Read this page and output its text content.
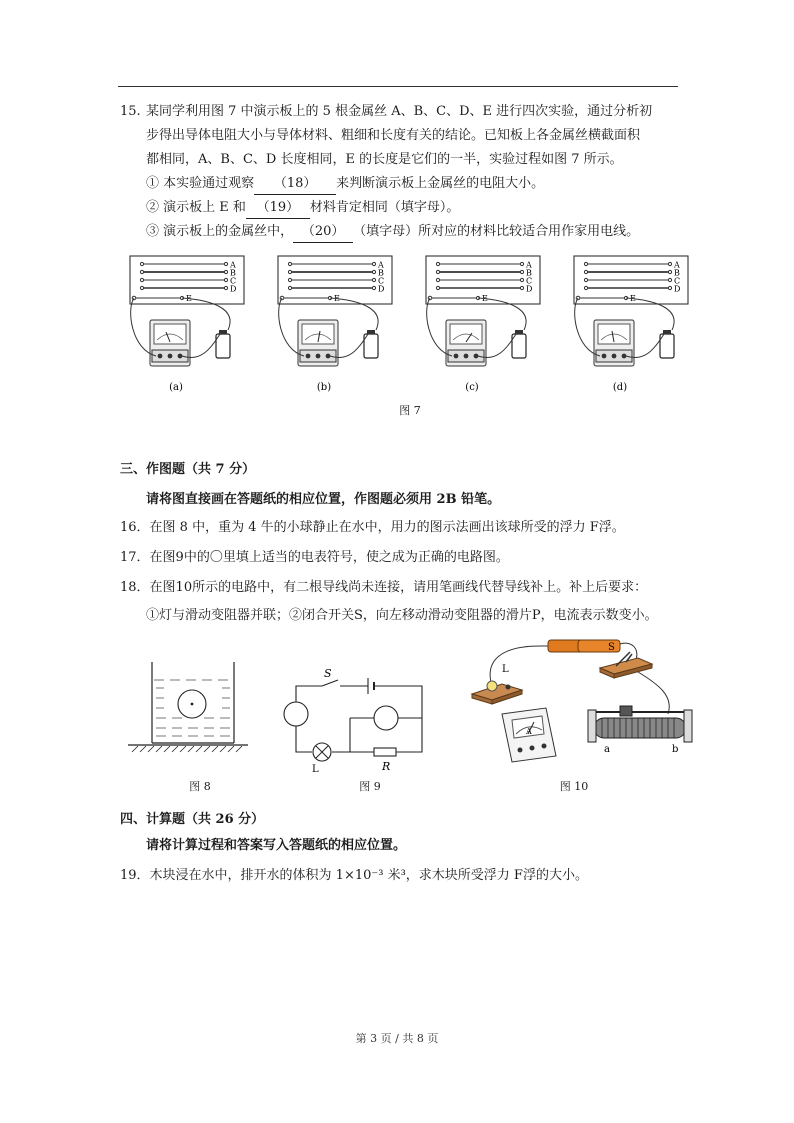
15. 某同学利用图 7 中演示板上的 5 根金属丝 A、B、C、D、E 进行四次实验，通过分析初
步得出导体电阻大小与导体材料、粗细和长度有关的结论。已知板上各金属丝横截面积
都相同，A、B、C、D 长度相同，E 的长度是它们的一半，实验过程如图 7 所示。
① 本实验通过观察 （18） 来判断演示板上金属丝的电阻大小。
② 演示板上 E 和 （19） 材料肯定相同（填字母）。
③ 演示板上的金属丝中， （20） （填字母）所对应的材料比较适合用作家用电线。
A
B
C
D
E
(a)
A
B
C
D
E
(b)
A
B
C
D
E
(c)
A
B
C
D
E
(d)
图 7
三、作图题（共 7 分）
请将图直接画在答题纸的相应位置，作图题必须用 2B 铅笔。
16．在图 8 中，重为 4 牛的小球静止在水中，用力的图示法画出该球所受的浮力 F浮。
17．在图9中的〇里填上适当的电表符号，使之成为正确的电路图。
18．在图10所示的电路中，有二根导线尚未连接，请用笔画线代替导线补上。补上后要求：
①灯与滑动变阻器并联；②闭合开关S，向左移动滑动变阻器的滑片P，电流表示数变小。
图 8
S
L	R
图 9
L
S
A
a	b
图 10
四、计算题（共 26 分）
请将计算过程和答案写入答题纸的相应位置。
19．木块浸在水中，排开水的体积为 1×10⁻³ 米³，求木块所受浮力 F浮的大小。
第 3 页 / 共 8 页
